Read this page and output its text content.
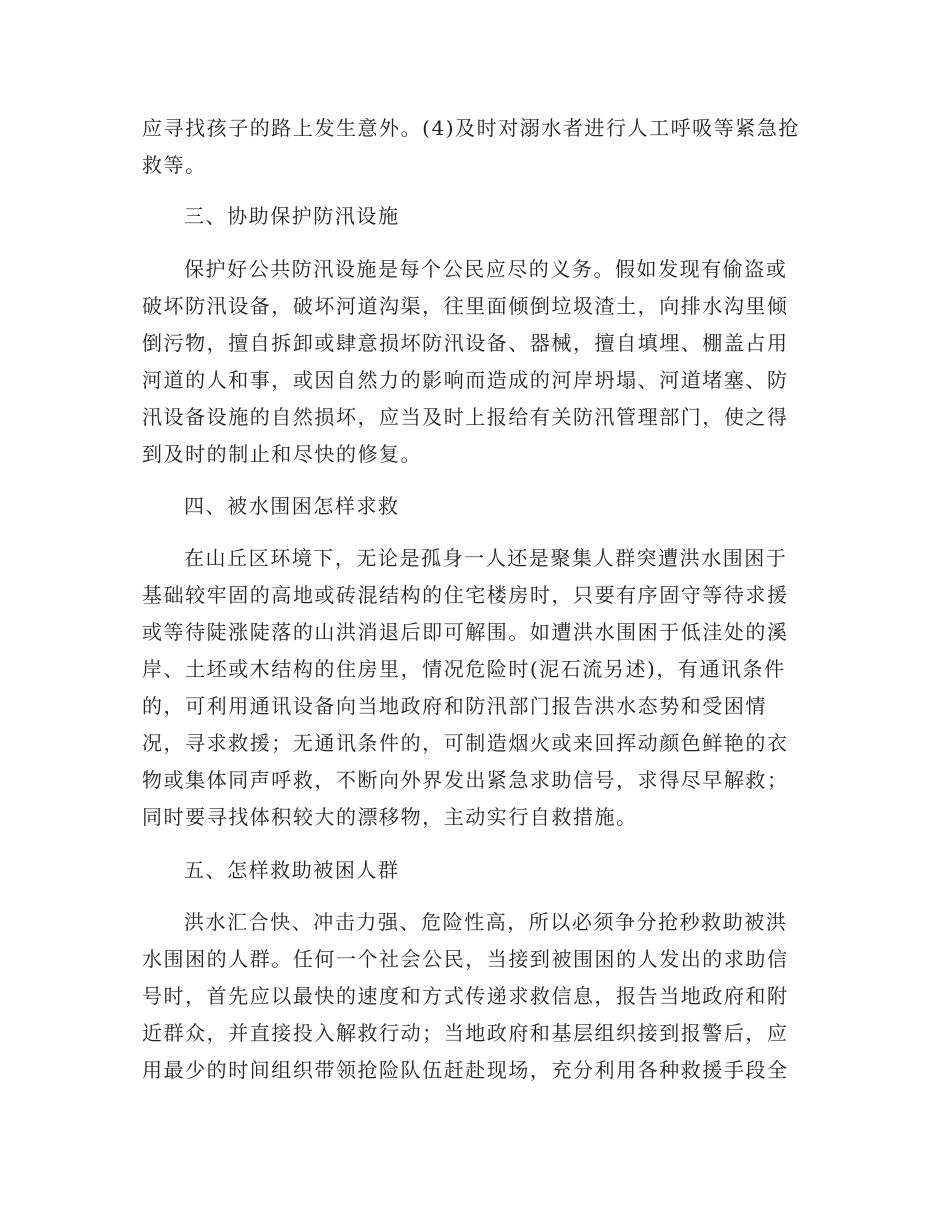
应寻找孩子的路上发生意外。(4)及时对溺水者进行人工呼吸等紧急抢
救等。
三、协助保护防汛设施
保护好公共防汛设施是每个公民应尽的义务。假如发现有偷盗或
破坏防汛设备，破坏河道沟渠，往里面倾倒垃圾渣土，向排水沟里倾
倒污物，擅自拆卸或肆意损坏防汛设备、器械，擅自填埋、棚盖占用
河道的人和事，或因自然力的影响而造成的河岸坍塌、河道堵塞、防
汛设备设施的自然损坏，应当及时上报给有关防汛管理部门，使之得
到及时的制止和尽快的修复。
四、被水围困怎样求救
在山丘区环境下，无论是孤身一人还是聚集人群突遭洪水围困于
基础较牢固的高地或砖混结构的住宅楼房时，只要有序固守等待求援
或等待陡涨陡落的山洪消退后即可解围。如遭洪水围困于低洼处的溪
岸、土坯或木结构的住房里，情况危险时(泥石流另述)，有通讯条件
的，可利用通讯设备向当地政府和防汛部门报告洪水态势和受困情
况，寻求救援；无通讯条件的，可制造烟火或来回挥动颜色鲜艳的衣
物或集体同声呼救，不断向外界发出紧急求助信号，求得尽早解救；
同时要寻找体积较大的漂移物，主动实行自救措施。
五、怎样救助被困人群
洪水汇合快、冲击力强、危险性高，所以必须争分抢秒救助被洪
水围困的人群。任何一个社会公民，当接到被围困的人发出的求助信
号时，首先应以最快的速度和方式传递求救信息，报告当地政府和附
近群众，并直接投入解救行动；当地政府和基层组织接到报警后，应
用最少的时间组织带领抢险队伍赶赴现场，充分利用各种救援手段全
